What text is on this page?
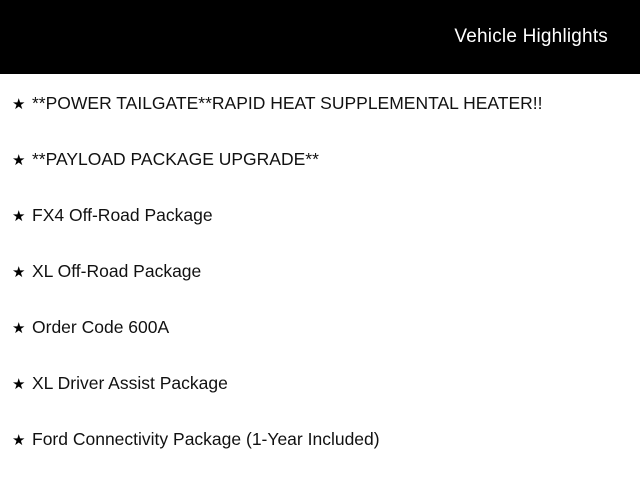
Vehicle Highlights
★ **POWER TAILGATE**RAPID HEAT SUPPLEMENTAL HEATER!!
★ **PAYLOAD PACKAGE UPGRADE**
★ FX4 Off-Road Package
★ XL Off-Road Package
★ Order Code 600A
★ XL Driver Assist Package
★ Ford Connectivity Package (1-Year Included)
